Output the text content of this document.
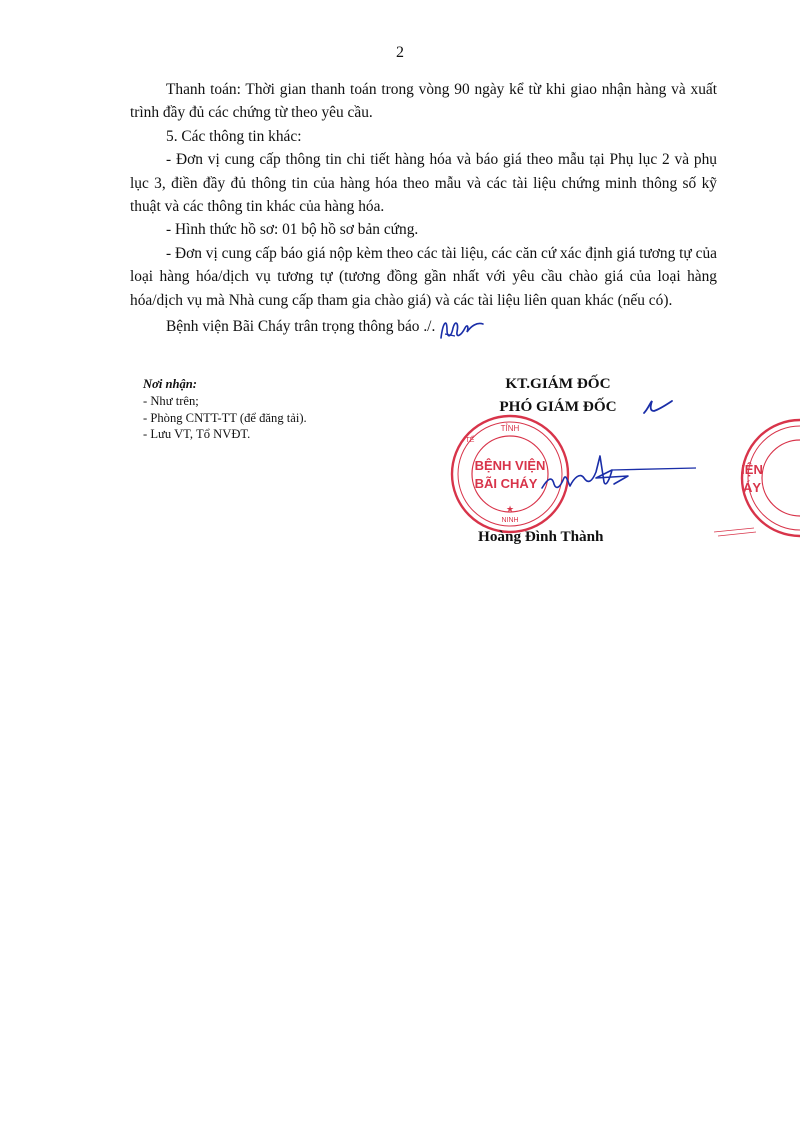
2

Thanh toán: Thời gian thanh toán trong vòng 90 ngày kể từ khi giao nhận hàng và xuất trình đầy đủ các chứng từ theo yêu cầu.

5. Các thông tin khác:

- Đơn vị cung cấp thông tin chi tiết hàng hóa và báo giá theo mẫu tại Phụ lục 2 và phụ lục 3, điền đầy đủ thông tin của hàng hóa theo mẫu và các tài liệu chứng minh thông số kỹ thuật và các thông tin khác của hàng hóa.

- Hình thức hồ sơ: 01 bộ hồ sơ bản cứng.

- Đơn vị cung cấp báo giá nộp kèm theo các tài liệu, các căn cứ xác định giá tương tự của loại hàng hóa/dịch vụ tương tự (tương đồng gần nhất với yêu cầu chào giá của loại hàng hóa/dịch vụ mà Nhà cung cấp tham gia chào giá) và các tài liệu liên quan khác (nếu có).

Bệnh viện Bãi Cháy trân trọng thông báo ./.

Nơi nhận:
- Như trên;
- Phòng CNTT-TT (để đăng tải).
- Lưu VT, Tổ NVĐT.
KT.GIÁM ĐỐC
PHÓ GIÁM ĐỐC
TỈNH
TẾ
NINH
BỆNH VIỆN
BÃI CHÁY
★
IỆN
ÁY
Hoàng Đình Thành
